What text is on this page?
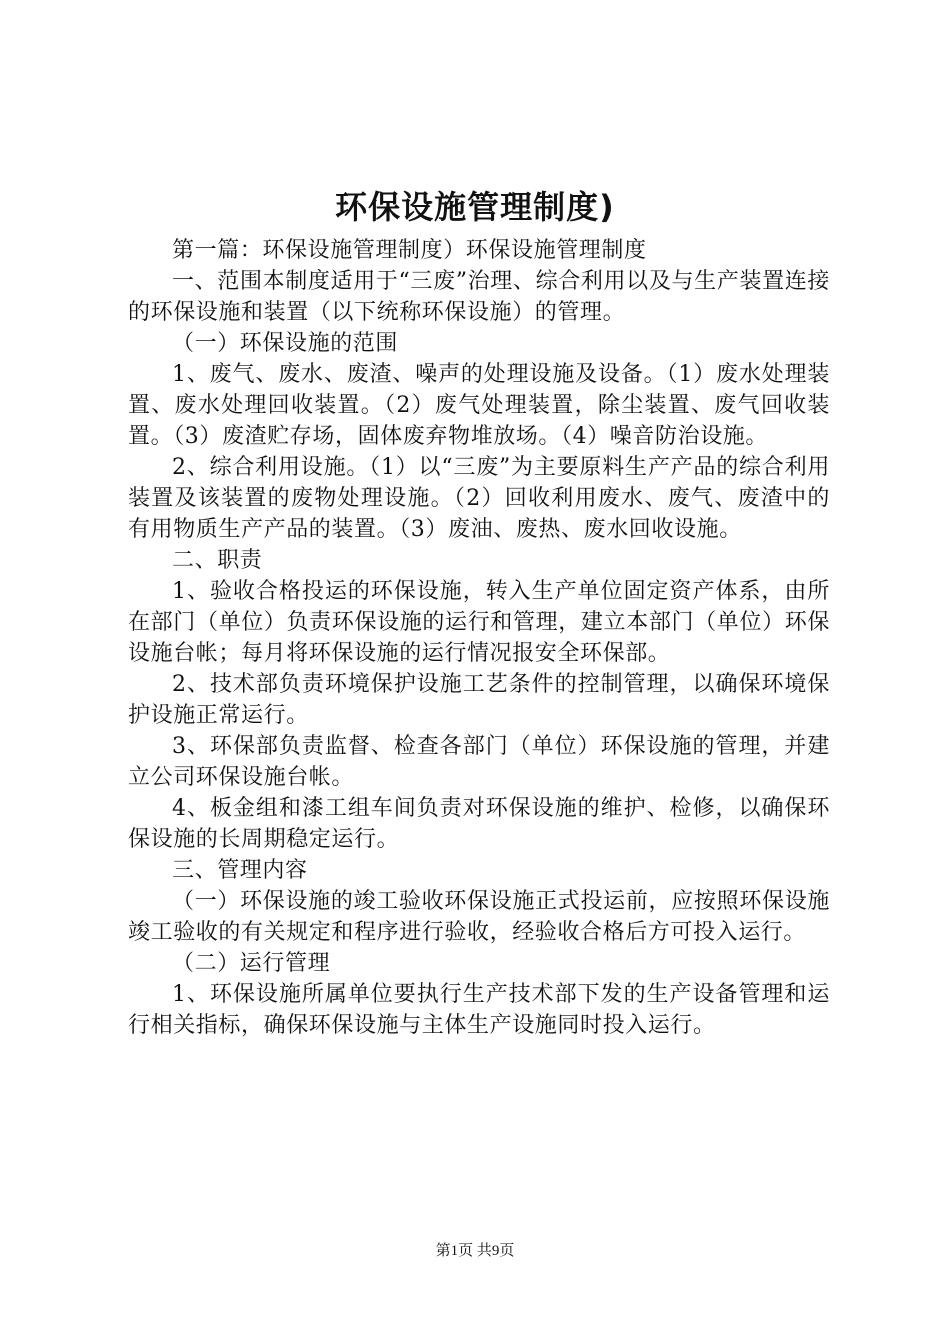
环保设施管理制度)

第一篇：环保设施管理制度）环保设施管理制度

一、范围本制度适用于“三废”治理、综合利用以及与生产装置连接的环保设施和装置（以下统称环保设施）的管理。

（一）环保设施的范围

1、废气、废水、废渣、噪声的处理设施及设备。（1）废水处理装置、废水处理回收装置。（2）废气处理装置，除尘装置、废气回收装置。（3）废渣贮存场，固体废弃物堆放场。（4）噪音防治设施。

2、综合利用设施。（1）以“三废”为主要原料生产产品的综合利用装置及该装置的废物处理设施。（2）回收利用废水、废气、废渣中的有用物质生产产品的装置。（3）废油、废热、废水回收设施。

二、职责

1、验收合格投运的环保设施，转入生产单位固定资产体系，由所在部门（单位）负责环保设施的运行和管理，建立本部门（单位）环保设施台帐；每月将环保设施的运行情况报安全环保部。

2、技术部负责环境保护设施工艺条件的控制管理，以确保环境保护设施正常运行。

3、环保部负责监督、检查各部门（单位）环保设施的管理，并建立公司环保设施台帐。

4、板金组和漆工组车间负责对环保设施的维护、检修，以确保环保设施的长周期稳定运行。

三、管理内容

（一）环保设施的竣工验收环保设施正式投运前，应按照环保设施竣工验收的有关规定和程序进行验收，经验收合格后方可投入运行。

（二）运行管理

1、环保设施所属单位要执行生产技术部下发的生产设备管理和运行相关指标，确保环保设施与主体生产设施同时投入运行。

第1页 共9页
